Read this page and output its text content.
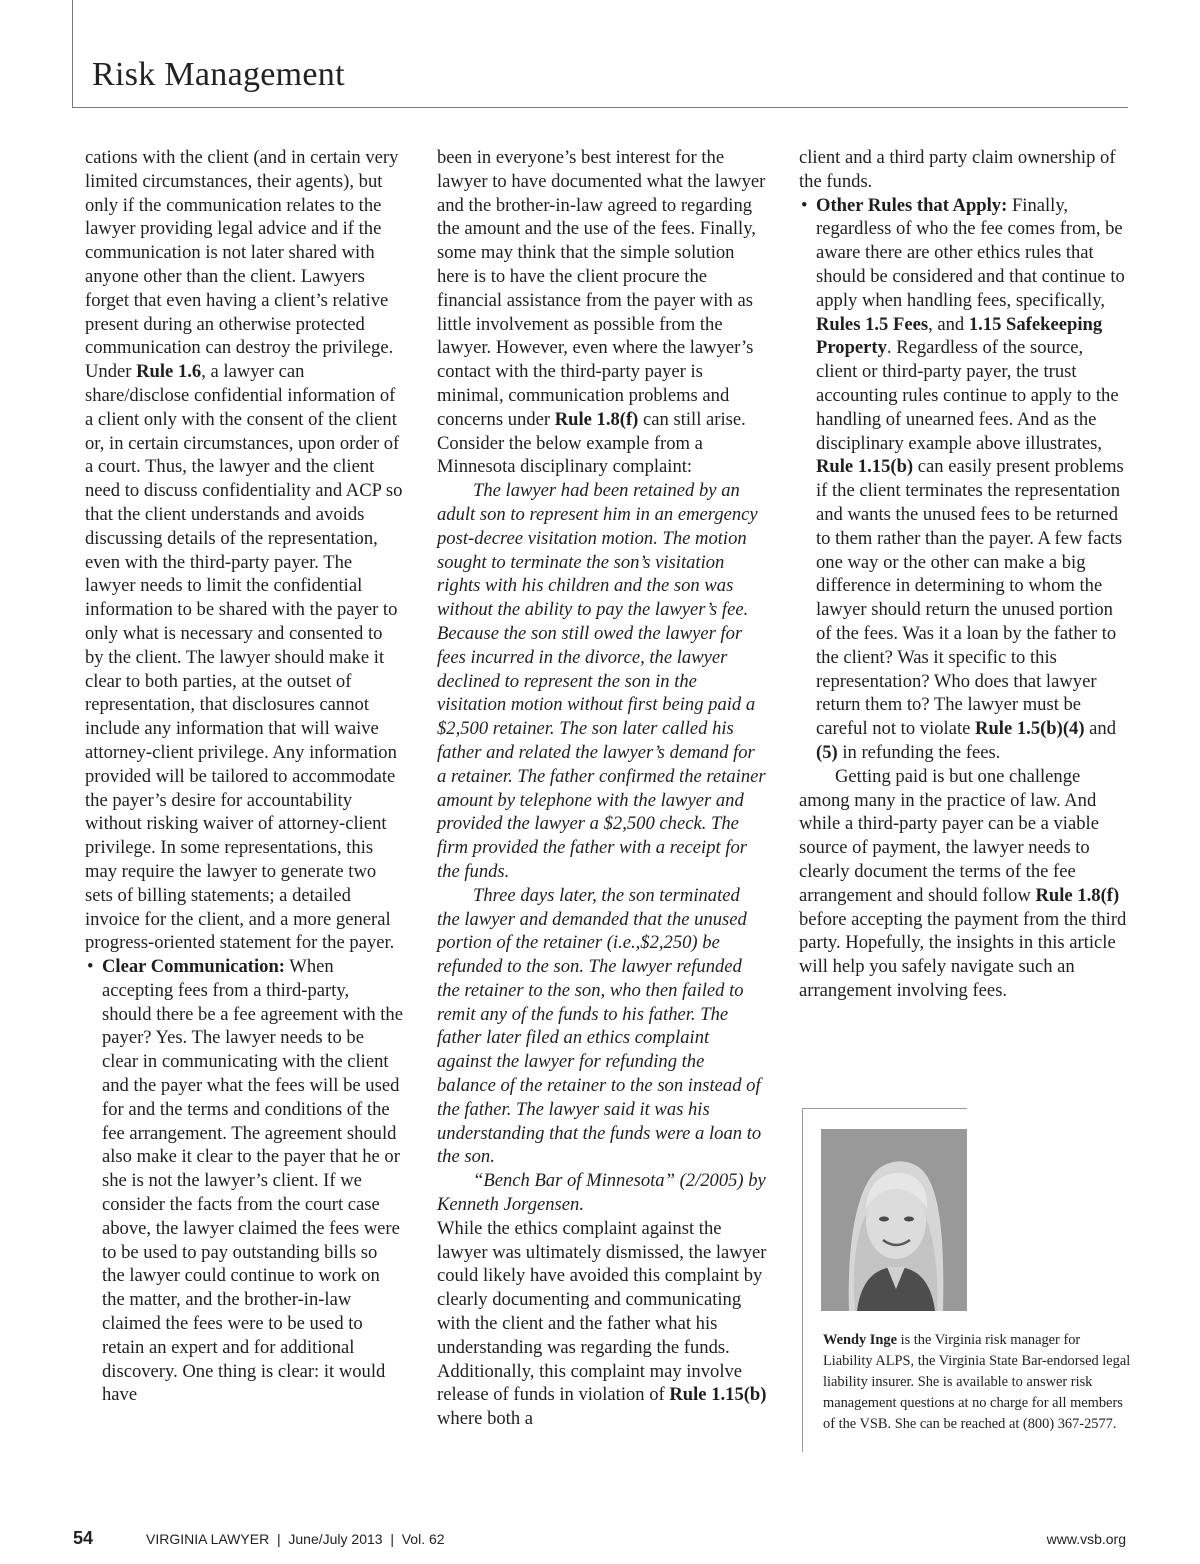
Risk Management

cations with the client (and in certain very limited circumstances, their agents), but only if the communication relates to the lawyer providing legal advice and if the communication is not later shared with anyone other than the client. Lawyers forget that even having a client’s relative present during an otherwise protected communication can destroy the privilege. Under Rule 1.6, a lawyer can share/disclose confidential information of a client only with the consent of the client or, in certain circumstances, upon order of a court. Thus, the lawyer and the client need to discuss confidentiality and ACP so that the client understands and avoids discussing details of the representation, even with the third-party payer. The lawyer needs to limit the confidential information to be shared with the payer to only what is necessary and consented to by the client. The lawyer should make it clear to both parties, at the outset of representation, that disclosures cannot include any information that will waive attorney-client privilege. Any information provided will be tailored to accommodate the payer’s desire for accountability without risking waiver of attorney-client privilege. In some representations, this may require the lawyer to generate two sets of billing statements; a detailed invoice for the client, and a more general progress-oriented statement for the payer.

• Clear Communication: When accepting fees from a third-party, should there be a fee agreement with the payer? Yes. The lawyer needs to be clear in communicating with the client and the payer what the fees will be used for and the terms and conditions of the fee arrangement. The agreement should also make it clear to the payer that he or she is not the lawyer’s client. If we consider the facts from the court case above, the lawyer claimed the fees were to be used to pay outstanding bills so the lawyer could continue to work on the matter, and the brother-in-law claimed the fees were to be used to retain an expert and for additional discovery. One thing is clear: it would have

been in everyone’s best interest for the lawyer to have documented what the lawyer and the brother-in-law agreed to regarding the amount and the use of the fees. Finally, some may think that the simple solution here is to have the client procure the financial assistance from the payer with as little involvement as possible from the lawyer. However, even where the lawyer’s contact with the third-party payer is minimal, communication problems and concerns under Rule 1.8(f) can still arise. Consider the below example from a Minnesota disciplinary complaint:

The lawyer had been retained by an adult son to represent him in an emergency post-decree visitation motion. The motion sought to terminate the son’s visitation rights with his children and the son was without the ability to pay the lawyer’s fee. Because the son still owed the lawyer for fees incurred in the divorce, the lawyer declined to represent the son in the visitation motion without first being paid a $2,500 retainer. The son later called his father and related the lawyer’s demand for a retainer. The father confirmed the retainer amount by telephone with the lawyer and provided the lawyer a $2,500 check. The firm provided the father with a receipt for the funds.

Three days later, the son terminated the lawyer and demanded that the unused portion of the retainer (i.e.,$2,250) be refunded to the son. The lawyer refunded the retainer to the son, who then failed to remit any of the funds to his father. The father later filed an ethics complaint against the lawyer for refunding the balance of the retainer to the son instead of the father. The lawyer said it was his understanding that the funds were a loan to the son.

“Bench Bar of Minnesota” (2/2005) by Kenneth Jorgensen.

While the ethics complaint against the lawyer was ultimately dismissed, the lawyer could likely have avoided this complaint by clearly documenting and communicating with the client and the father what his understanding was regarding the funds. Additionally, this complaint may involve release of funds in violation of Rule 1.15(b) where both a

client and a third party claim ownership of the funds.

• Other Rules that Apply: Finally, regardless of who the fee comes from, be aware there are other ethics rules that should be considered and that continue to apply when handling fees, specifically, Rules 1.5 Fees, and 1.15 Safekeeping Property. Regardless of the source, client or third-party payer, the trust accounting rules continue to apply to the handling of unearned fees. And as the disciplinary example above illustrates, Rule 1.15(b) can easily present problems if the client terminates the representation and wants the unused fees to be returned to them rather than the payer. A few facts one way or the other can make a big difference in determining to whom the lawyer should return the unused portion of the fees. Was it a loan by the father to the client? Was it specific to this representation? Who does that lawyer return them to? The lawyer must be careful not to violate Rule 1.5(b)(4) and (5) in refunding the fees.

Getting paid is but one challenge among many in the practice of law. And while a third-party payer can be a viable source of payment, the lawyer needs to clearly document the terms of the fee arrangement and should follow Rule 1.8(f) before accepting the payment from the third party. Hopefully, the insights in this article will help you safely navigate such an arrangement involving fees.

Wendy Inge is the Virginia risk manager for Liability ALPS, the Virginia State Bar-endorsed legal liability insurer. She is available to answer risk management questions at no charge for all members of the VSB. She can be reached at (800) 367-2577.

54	VIRGINIA LAWYER  |  June/July 2013  |  Vol. 62	www.vsb.org
